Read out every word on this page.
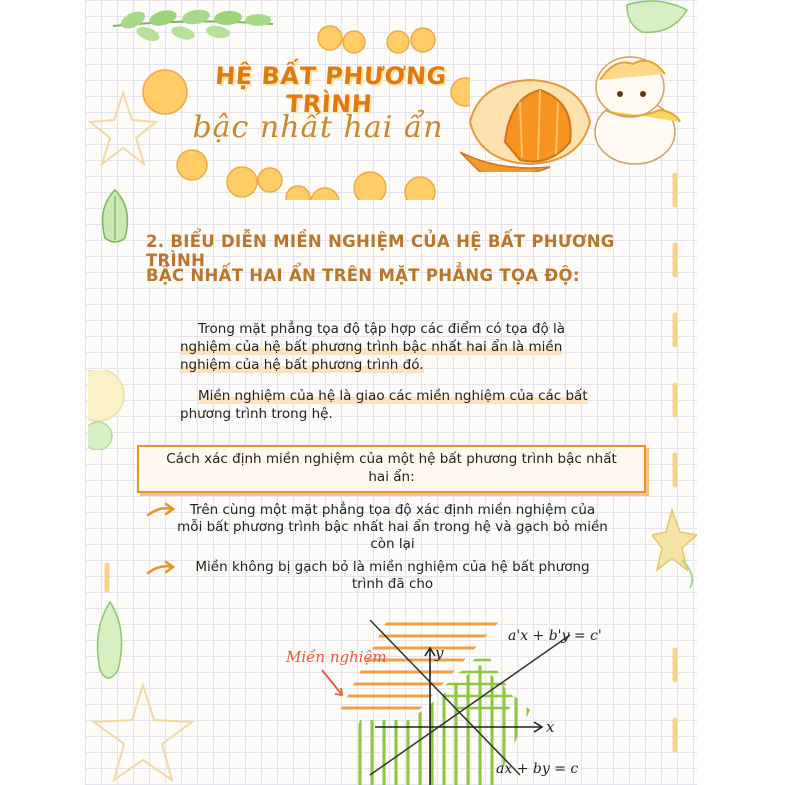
HỆ BẤT PHƯƠNG TRÌNH
bậc nhất hai ẩn
2. BIỂU DIỄN MIỀN NGHIỆM CỦA HỆ BẤT PHƯƠNG TRÌNH
BẬC NHẤT HAI ẨN TRÊN MẶT PHẲNG TỌA ĐỘ:
Trong mặt phẳng tọa độ tập hợp các điểm có tọa độ là
nghiệm của hệ bất phương trình bậc nhất hai ẩn là miền
nghiệm của hệ bất phương trình đó.
Miền nghiệm của hệ là giao các miền nghiệm của các bất
phương trình trong hệ.
Cách xác định miền nghiệm của một hệ bất phương trình bậc nhất
hai ẩn:
Trên cùng một mặt phẳng tọa độ xác định miền nghiệm của
mỗi bất phương trình bậc nhất hai ẩn trong hệ và gạch bỏ miền
còn lại
Miền không bị gạch bỏ là miền nghiệm của hệ bất phương
trình đã cho
Miền nghiệm	y
x
a'x + b'y = c'
ax + by = c
